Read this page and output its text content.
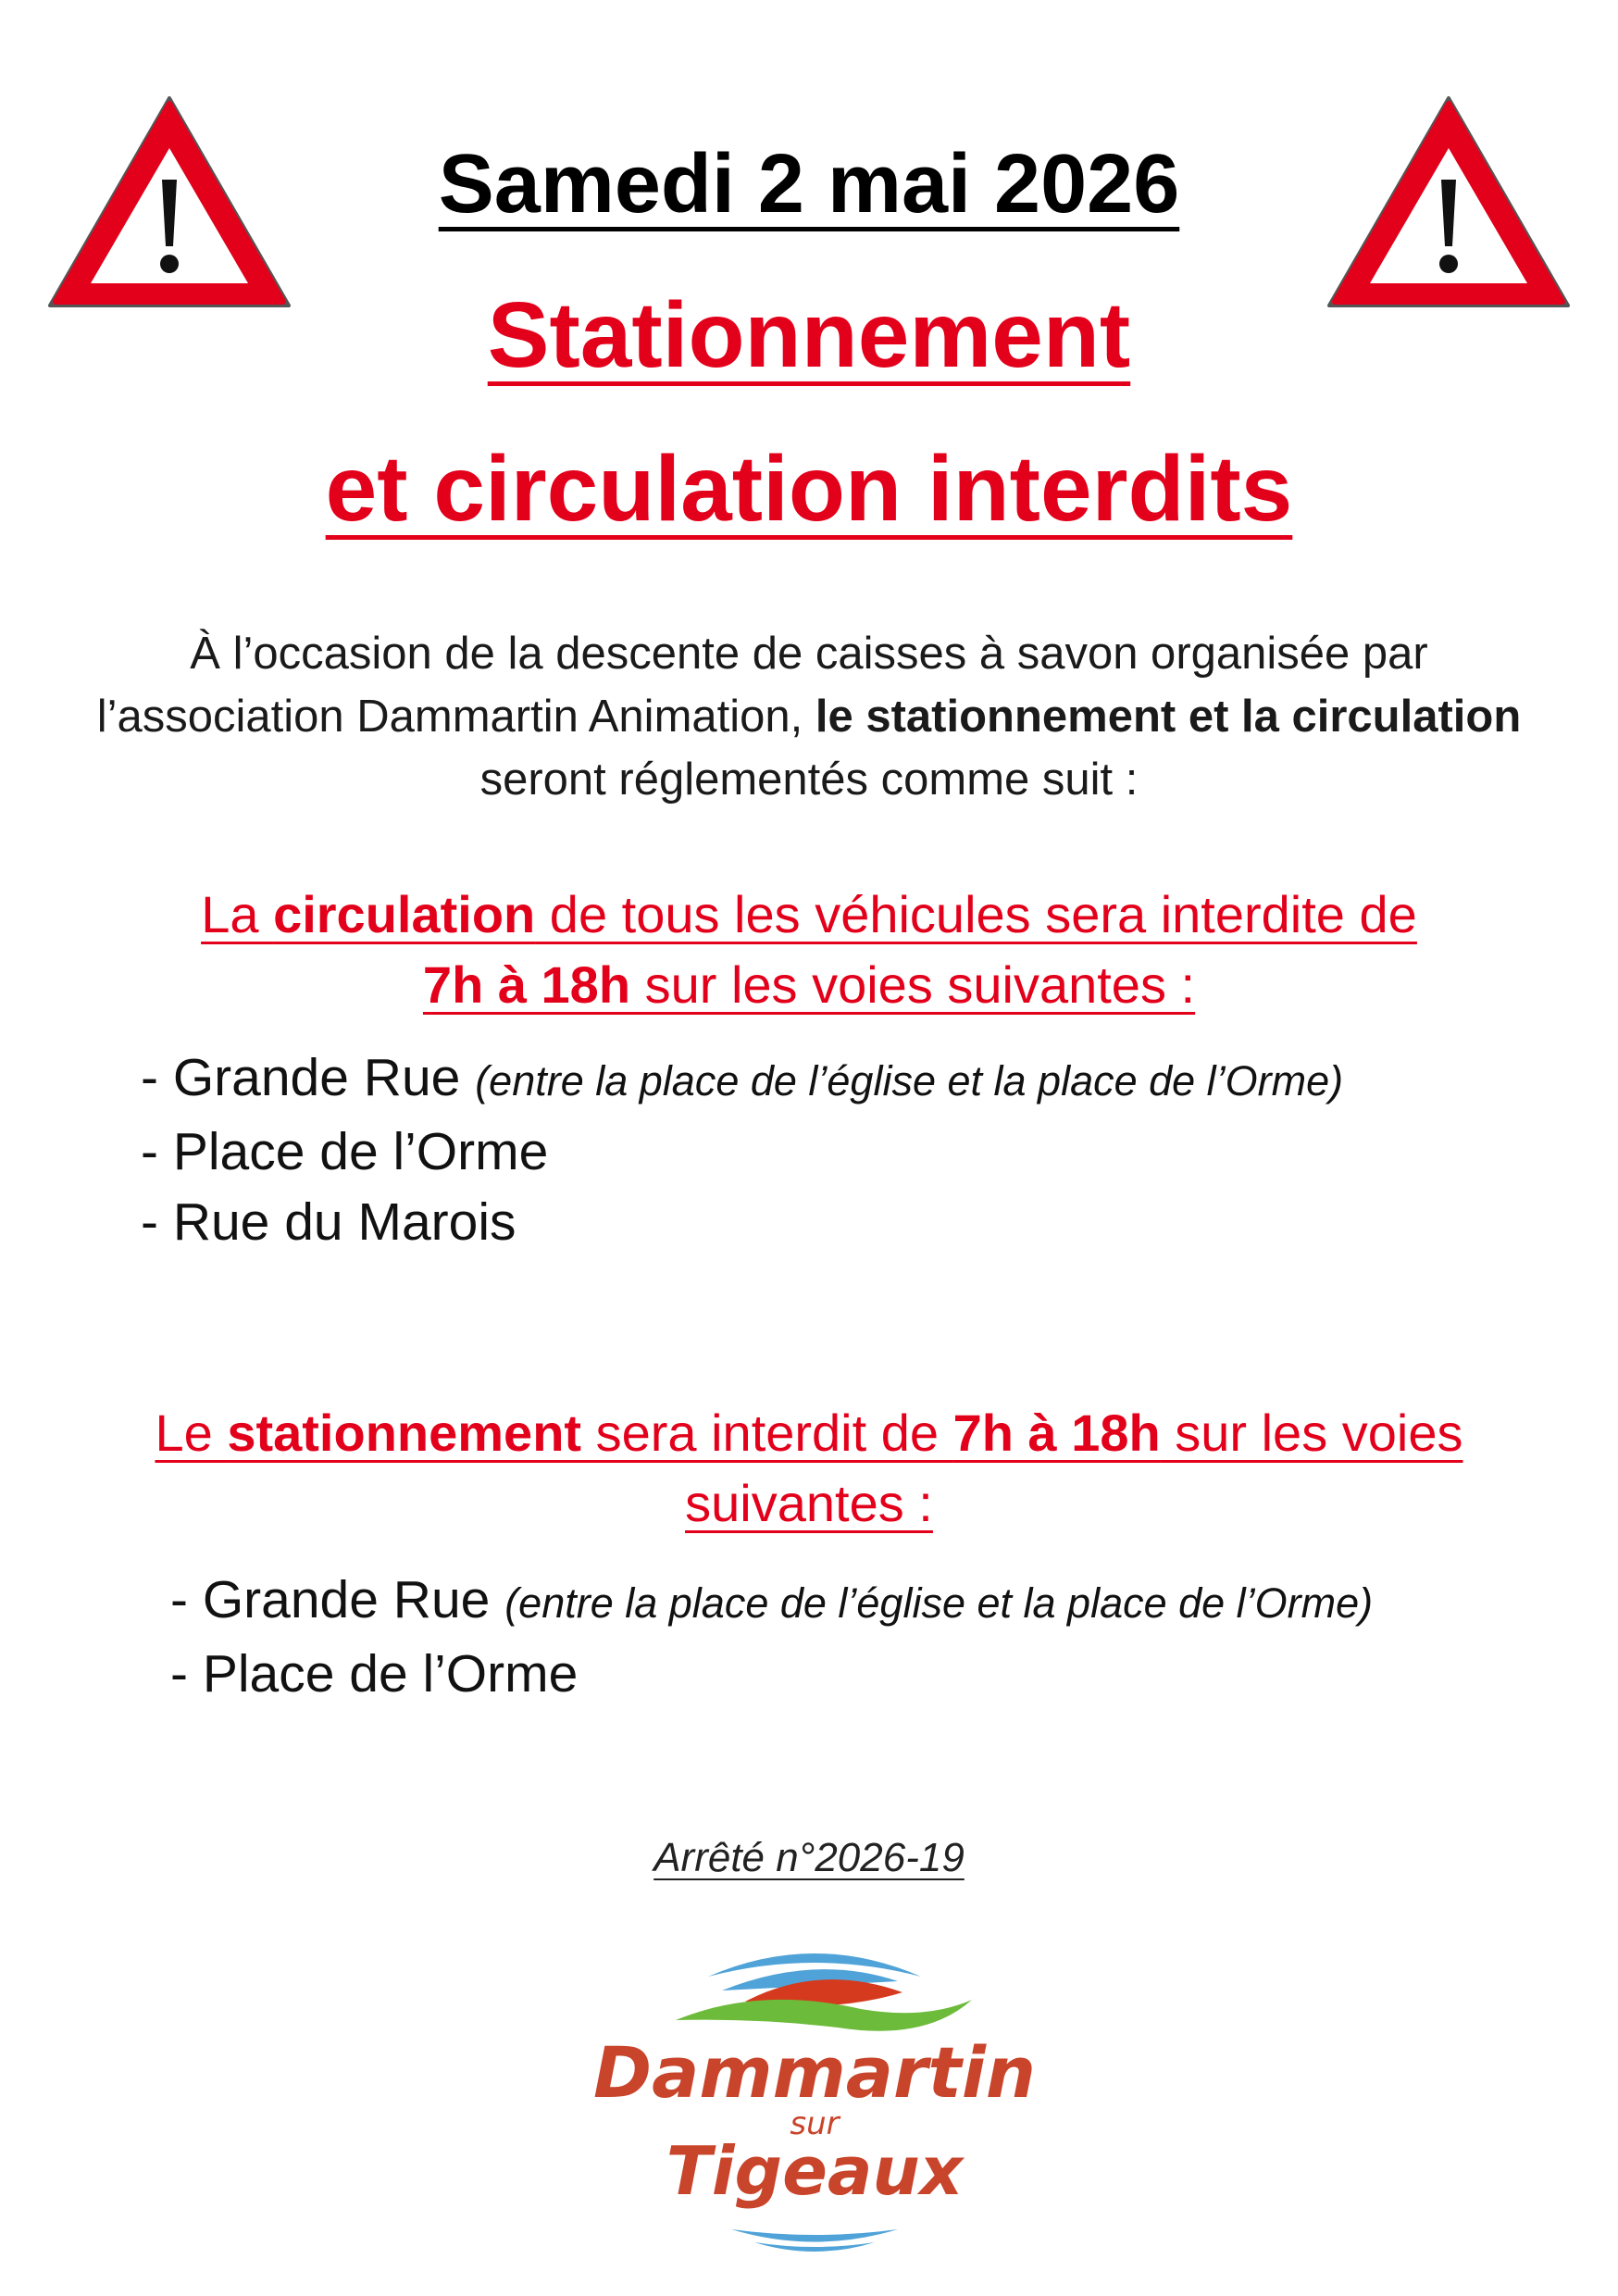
Samedi 2 mai 2026
Stationnement
et circulation interdits
À l’occasion de la descente de caisses à savon organisée par l’association Dammartin Animation, le stationnement et la circulation seront réglementés comme suit :
La circulation de tous les véhicules sera interdite de
7h à 18h sur les voies suivantes :
- Grande Rue (entre la place de l’église et la place de l’Orme)
- Place de l’Orme
- Rue du Marois
Le stationnement sera interdit de 7h à 18h sur les voies suivantes :
- Grande Rue (entre la place de l’église et la place de l’Orme)
- Place de l’Orme
Arrêté n°2026-19
Dammartin
sur
Tigeaux
